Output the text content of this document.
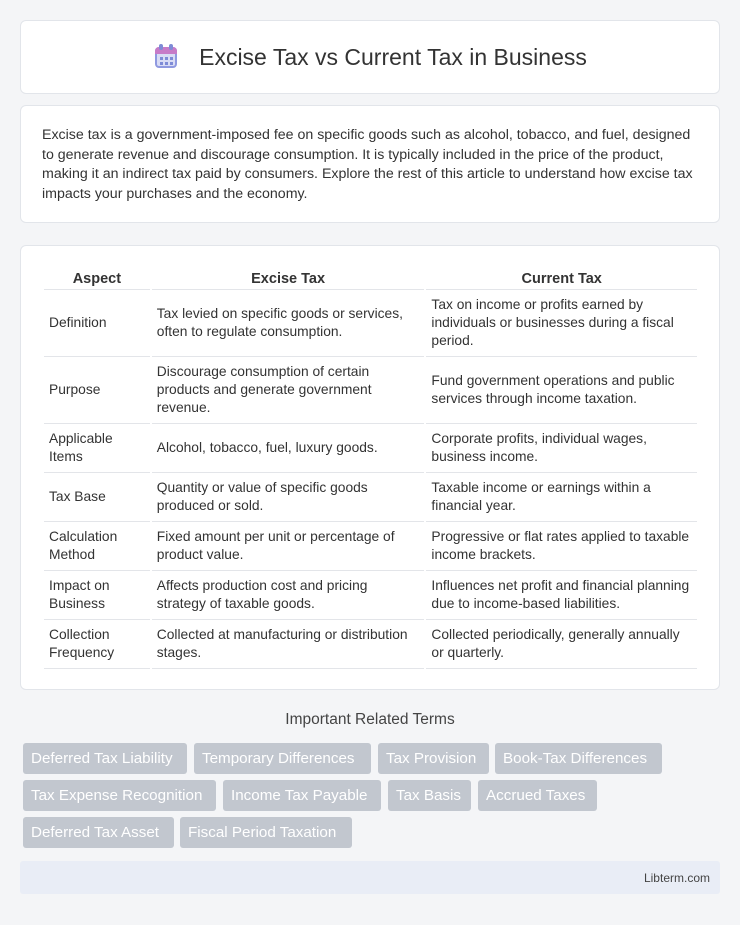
Excise Tax vs Current Tax in Business

Excise tax is a government-imposed fee on specific goods such as alcohol, tobacco, and fuel, designed to generate revenue and discourage consumption. It is typically included in the price of the product, making it an indirect tax paid by consumers. Explore the rest of this article to understand how excise tax impacts your purchases and the economy.

Aspect	Excise Tax	Current Tax
Definition	Tax levied on specific goods or services, often to regulate consumption.	Tax on income or profits earned by individuals or businesses during a fiscal period.
Purpose	Discourage consumption of certain products and generate government revenue.	Fund government operations and public services through income taxation.
Applicable Items	Alcohol, tobacco, fuel, luxury goods.	Corporate profits, individual wages, business income.
Tax Base	Quantity or value of specific goods produced or sold.	Taxable income or earnings within a financial year.
Calculation Method	Fixed amount per unit or percentage of product value.	Progressive or flat rates applied to taxable income brackets.
Impact on Business	Affects production cost and pricing strategy of taxable goods.	Influences net profit and financial planning due to income-based liabilities.
Collection Frequency	Collected at manufacturing or distribution stages.	Collected periodically, generally annually or quarterly.
Important Related Terms
Deferred Tax Liability	Temporary Differences	Tax Provision	Book-Tax Differences
Tax Expense Recognition	Income Tax Payable	Tax Basis	Accrued Taxes
Deferred Tax Asset	Fiscal Period Taxation
Libterm.com
